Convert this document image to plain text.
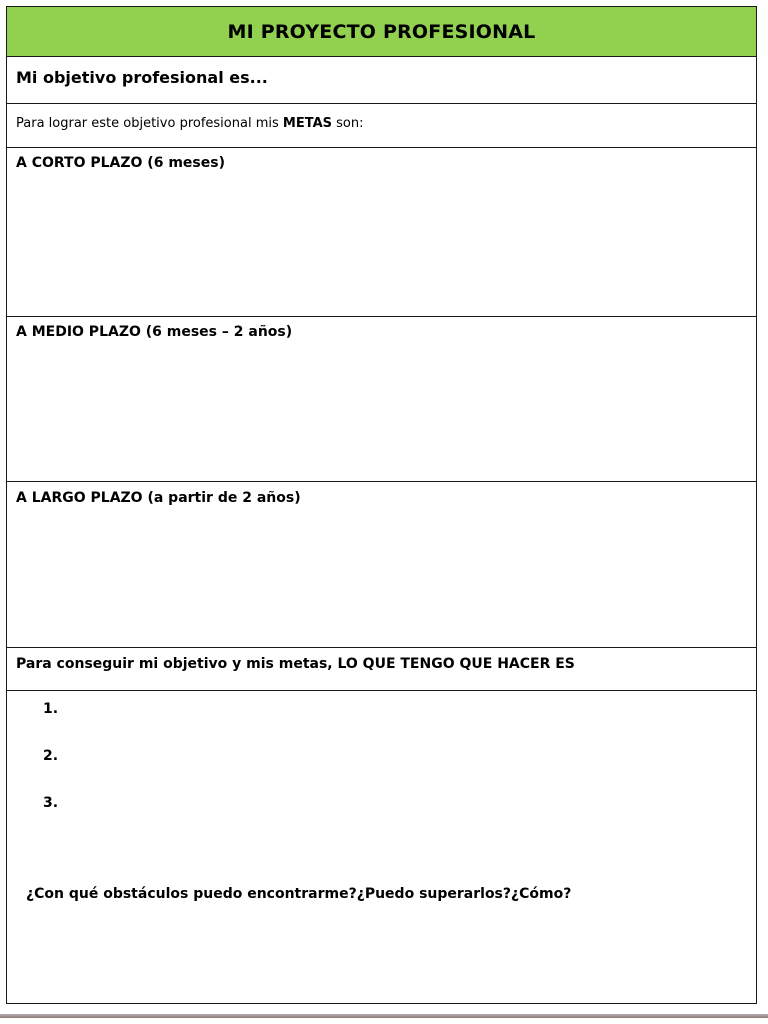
MI PROYECTO PROFESIONAL
Mi objetivo profesional es...
Para lograr este objetivo profesional mis METAS son:
A CORTO PLAZO (6 meses)
A MEDIO PLAZO (6 meses – 2 años)
A LARGO PLAZO (a partir de 2 años)
Para conseguir mi objetivo y mis metas, LO QUE TENGO QUE HACER ES
1.
2.
3.
¿Con qué obstáculos puedo encontrarme?¿Puedo superarlos?¿Cómo?
